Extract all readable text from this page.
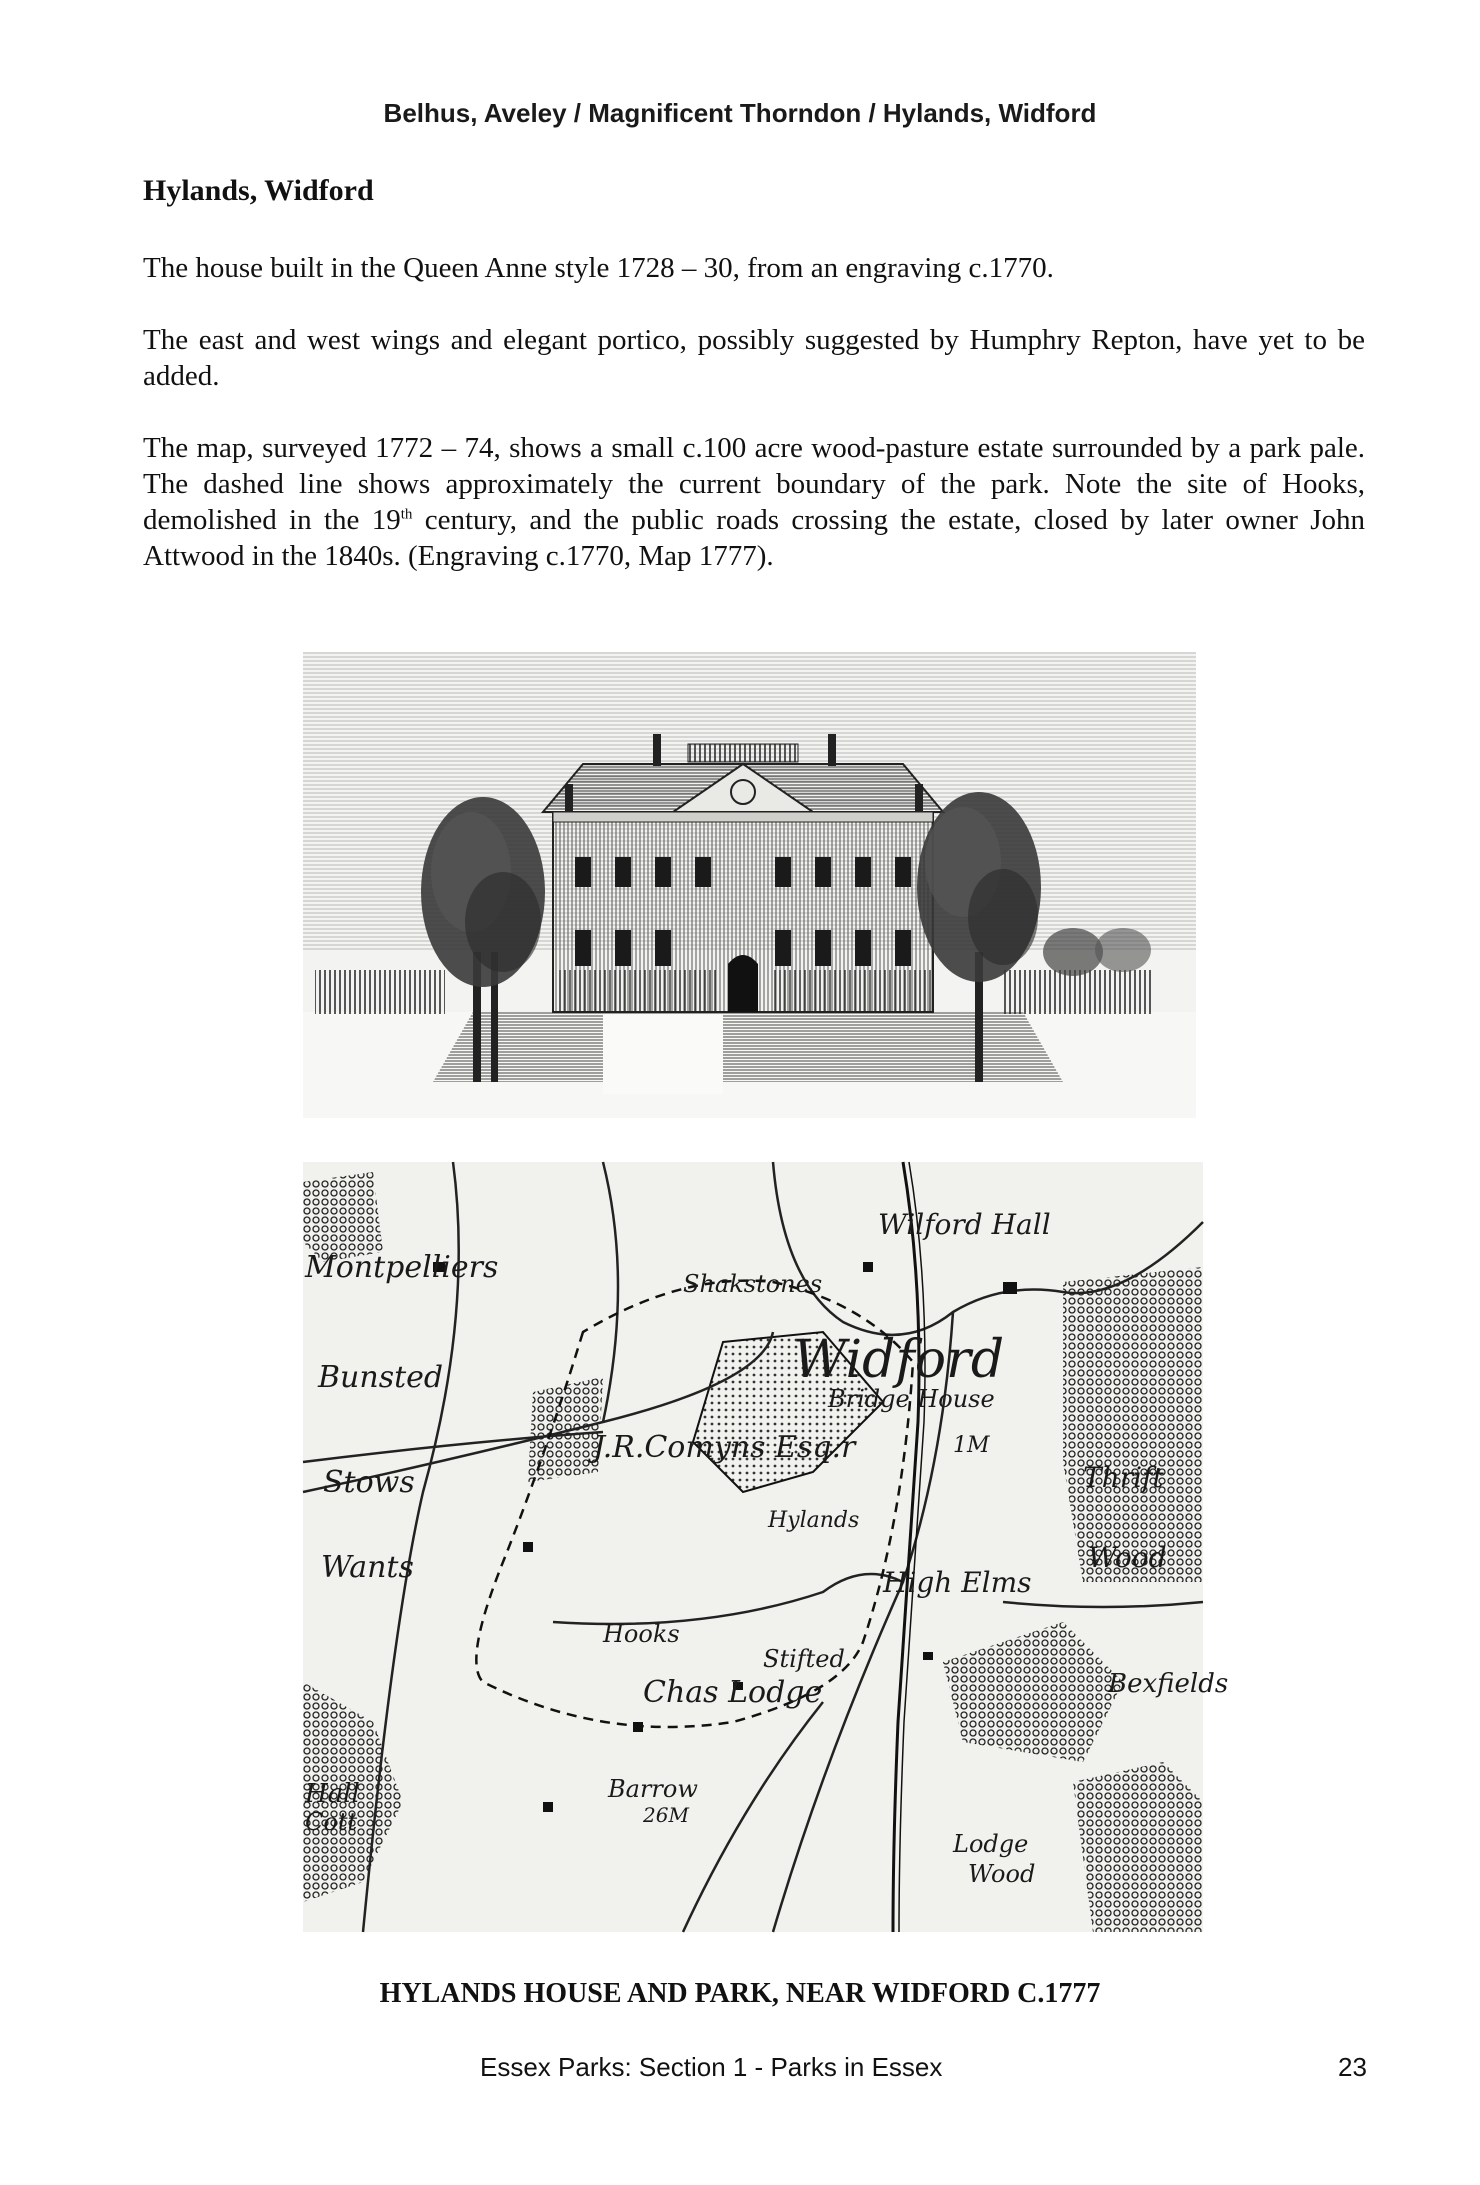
Belhus, Aveley / Magnificent Thorndon / Hylands, Widford
Hylands, Widford

The house built in the Queen Anne style 1728 – 30, from an engraving c.1770.

The east and west wings and elegant portico, possibly suggested by Humphry Repton, have yet to be added.

The map, surveyed 1772 – 74, shows a small c.100 acre wood-pasture estate surrounded by a park pale. The dashed line shows approximately the current boundary of the park. Note the site of Hooks, demolished in the 19th century, and the public roads crossing the estate, closed by later owner John Attwood in the 1840s. (Engraving c.1770, Map 1777).

Wilford Hall
Montpelliers	Shakstones
Widford
Bridge House
Bunsted
J.R.Comyns Esq.r	1M
Stows	Thrift
Hylands
Wood
Wants	High Elms
Hooks
Stifted
Chas Lodge	Bexfields
Barrow
26M
Hall
Cott
Lodge
Wood
HYLANDS HOUSE AND PARK, NEAR WIDFORD C.1777
Essex Parks: Section 1 - Parks in Essex	23
